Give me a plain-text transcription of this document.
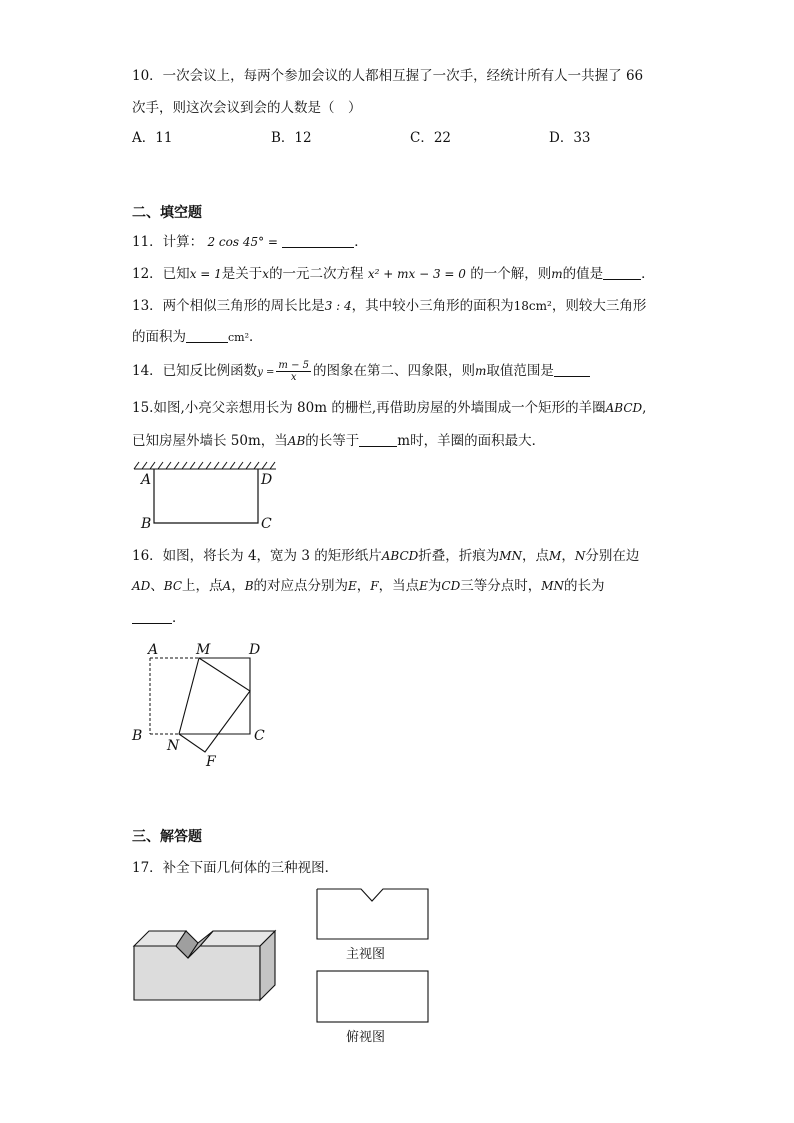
10．一次会议上，每两个参加会议的人都相互握了一次手，经统计所有人一共握了 66
次手，则这次会议到会的人数是（　）
A．11	B．12	C．22	D．33
二、填空题
11．计算： 2 cos 45° =	．
12．已知x = 1是关于x的一元二次方程 x² + mx − 3 = 0 的一个解，则m的值是	．
13．两个相似三角形的周长比是3 : 4，其中较小三角形的面积为18cm²，则较大三角形
的面积为	cm²．
14．已知反比例函数$y = \frac{m - 5}{x}$ 的图象在第二、四象限，则m取值范围是
15.如图,小亮父亲想用长为 80m 的栅栏,再借助房屋的外墙围成一个矩形的羊圈ABCD,
已知房屋外墙长 50m，当AB的长等于	m时，羊圈的面积最大．
A	D
B	C
16．如图，将长为 4，宽为 3 的矩形纸片ABCD折叠，折痕为MN，点M，N分别在边
AD、BC上，点A，B的对应点分别为E，F，当点E为CD三等分点时，MN的长为
．
A	M	D
B
N
C
F
三、解答题
17．补全下面几何体的三种视图．
主视图
俯视图
